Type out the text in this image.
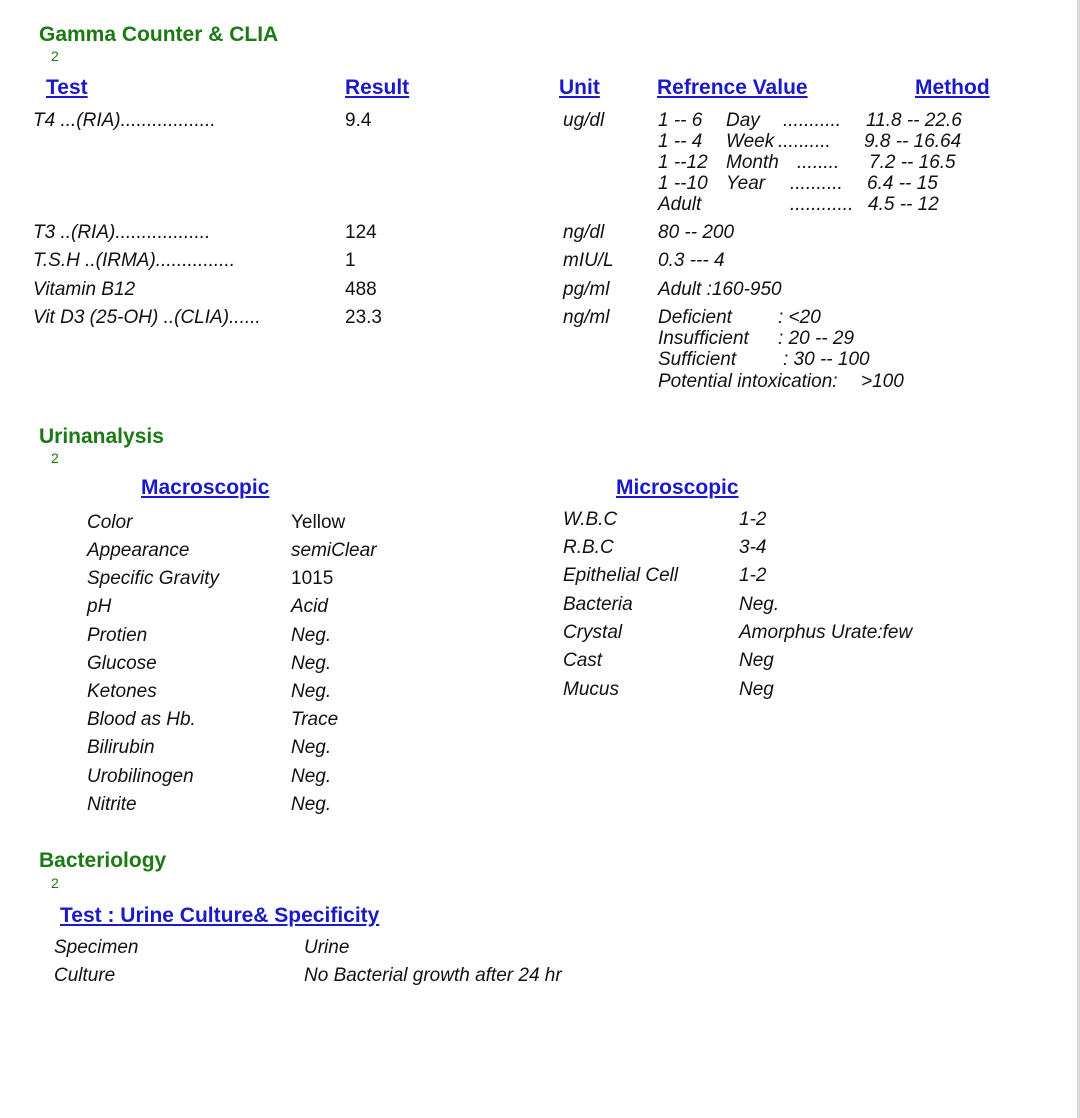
Gamma Counter & CLIA
2
Test	Result	Unit	Refrence Value	Method
T4 ...(RIA)..................	9.4	ug/dl	1 -- 6 Day ........... 11.8 -- 22.6
1 -- 4 Week .......... 9.8 -- 16.64
1 --12 Month ........ 7.2 -- 16.5
1 --10 Year .......... 6.4 -- 15
Adult	............ 4.5 -- 12
T3 ..(RIA)..................	124	ng/dl	80 -- 200
T.S.H ..(IRMA)...............	1	mIU/L 0.3 --- 4
Vitamin B12	488	pg/ml	Adult :160-950
Vit D3 (25-OH) ..(CLIA)......	23.3	ng/ml	Deficient : <20
Insufficient : 20 -- 29
Sufficient : 30 -- 100
Potential intoxication: >100
Urinanalysis
2
Macroscopic	Microscopic
Color	Yellow
Appearance	semiClear
Specific Gravity	1015
pH	Acid
Protien	Neg.
Glucose	Neg.
Ketones	Neg.
Blood as Hb.	Trace
Bilirubin	Neg.
Urobilinogen	Neg.
Nitrite	Neg.
W.B.C	1-2
R.B.C	3-4
Epithelial Cell	1-2
Bacteria	Neg.
Crystal	Amorphus Urate:few
Cast	Neg
Mucus	Neg
Bacteriology
2
Test : Urine Culture& Specificity
Specimen	Urine
Culture	No Bacterial growth after 24 hr
